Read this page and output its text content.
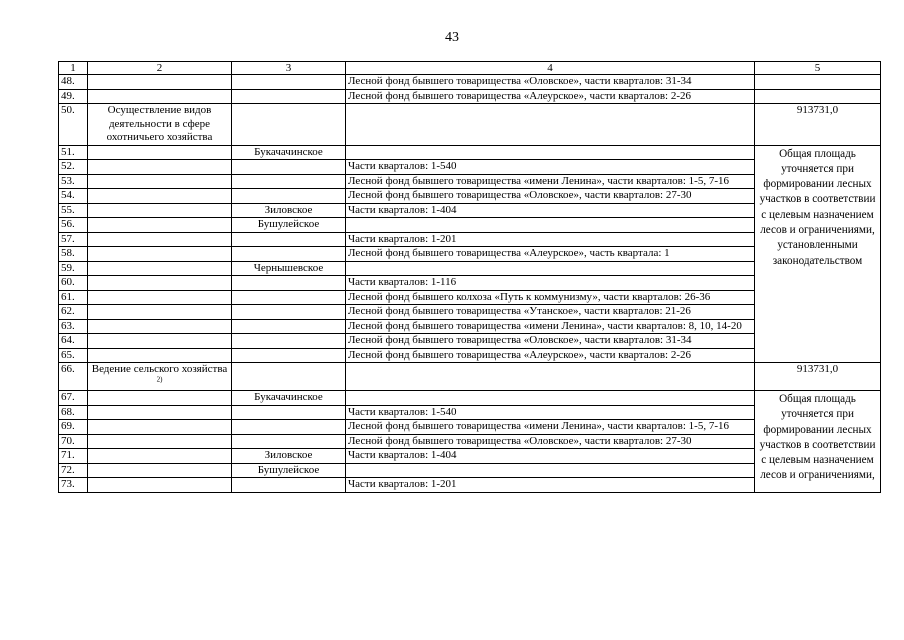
43
1	2	3	4	5
48.			Лесной фонд бывшего товарищества «Оловское», части кварталов: 31-34	
49.			Лесной фонд бывшего товарищества «Алеурское», части кварталов: 2-26	
50.	Осуществление видов деятельности в сфере охотничьего хозяйства			913731,0
51.		Букачачинское		Общая площадь уточняется при формировании лесных участков в соответствии с целевым назначением лесов и ограничениями, установленными законодательством
52.			Части кварталов: 1-540	
53.			Лесной фонд бывшего товарищества «имени Ленина», части кварталов: 1-5, 7-16	
54.			Лесной фонд бывшего товарищества «Оловское», части кварталов: 27-30	
55.		Зиловское	Части кварталов: 1-404	
56.		Бушулейское		
57.			Части кварталов: 1-201	
58.			Лесной фонд бывшего товарищества «Алеурское», часть квартала: 1	
59.		Чернышевское		
60.			Части кварталов: 1-116	
61.			Лесной фонд бывшего колхоза «Путь к коммунизму», части кварталов: 26-36	
62.			Лесной фонд бывшего товарищества «Утанское», части кварталов: 21-26	
63.			Лесной фонд бывшего товарищества «имени Ленина», части кварталов: 8, 10, 14-20	
64.			Лесной фонд бывшего товарищества «Оловское», части кварталов: 31-34	
65.			Лесной фонд бывшего товарищества «Алеурское», части кварталов: 2-26	
66.	Ведение сельского хозяйства $^{2)}$			913731,0
67.		Букачачинское		Общая площадь уточняется при формировании лесных участков в соответствии с целевым назначением лесов и ограничениями,
68.			Части кварталов: 1-540	
69.			Лесной фонд бывшего товарищества «имени Ленина», части кварталов: 1-5, 7-16	
70.			Лесной фонд бывшего товарищества «Оловское», части кварталов: 27-30	
71.		Зиловское	Части кварталов: 1-404	
72.		Бушулейское		
73.			Части кварталов: 1-201	
